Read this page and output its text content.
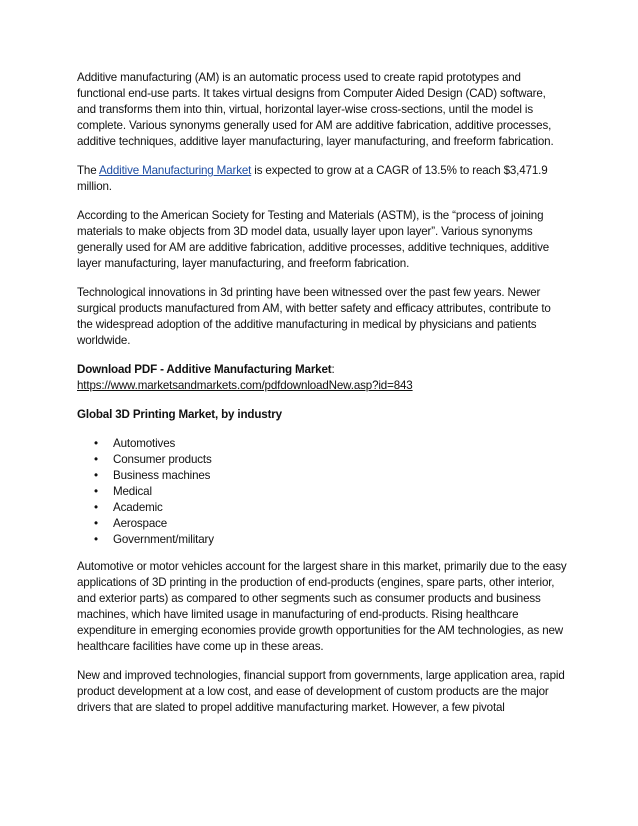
Additive manufacturing (AM) is an automatic process used to create rapid prototypes and functional end-use parts. It takes virtual designs from Computer Aided Design (CAD) software, and transforms them into thin, virtual, horizontal layer-wise cross-sections, until the model is complete. Various synonyms generally used for AM are additive fabrication, additive processes, additive techniques, additive layer manufacturing, layer manufacturing, and freeform fabrication.

The Additive Manufacturing Market is expected to grow at a CAGR of 13.5% to reach $3,471.9 million.

According to the American Society for Testing and Materials (ASTM), is the “process of joining materials to make objects from 3D model data, usually layer upon layer”. Various synonyms generally used for AM are additive fabrication, additive processes, additive techniques, additive layer manufacturing, layer manufacturing, and freeform fabrication.

Technological innovations in 3d printing have been witnessed over the past few years. Newer surgical products manufactured from AM, with better safety and efficacy attributes, contribute to the widespread adoption of the additive manufacturing in medical by physicians and patients worldwide.

Download PDF - Additive Manufacturing Market:
https://www.marketsandmarkets.com/pdfdownloadNew.asp?id=843

Global 3D Printing Market, by industry
• Automotives
• Consumer products
• Business machines
• Medical
• Academic
• Aerospace
• Government/military

Automotive or motor vehicles account for the largest share in this market, primarily due to the easy applications of 3D printing in the production of end-products (engines, spare parts, other interior, and exterior parts) as compared to other segments such as consumer products and business machines, which have limited usage in manufacturing of end-products. Rising healthcare expenditure in emerging economies provide growth opportunities for the AM technologies, as new healthcare facilities have come up in these areas.

New and improved technologies, financial support from governments, large application area, rapid product development at a low cost, and ease of development of custom products are the major drivers that are slated to propel additive manufacturing market. However, a few pivotal
